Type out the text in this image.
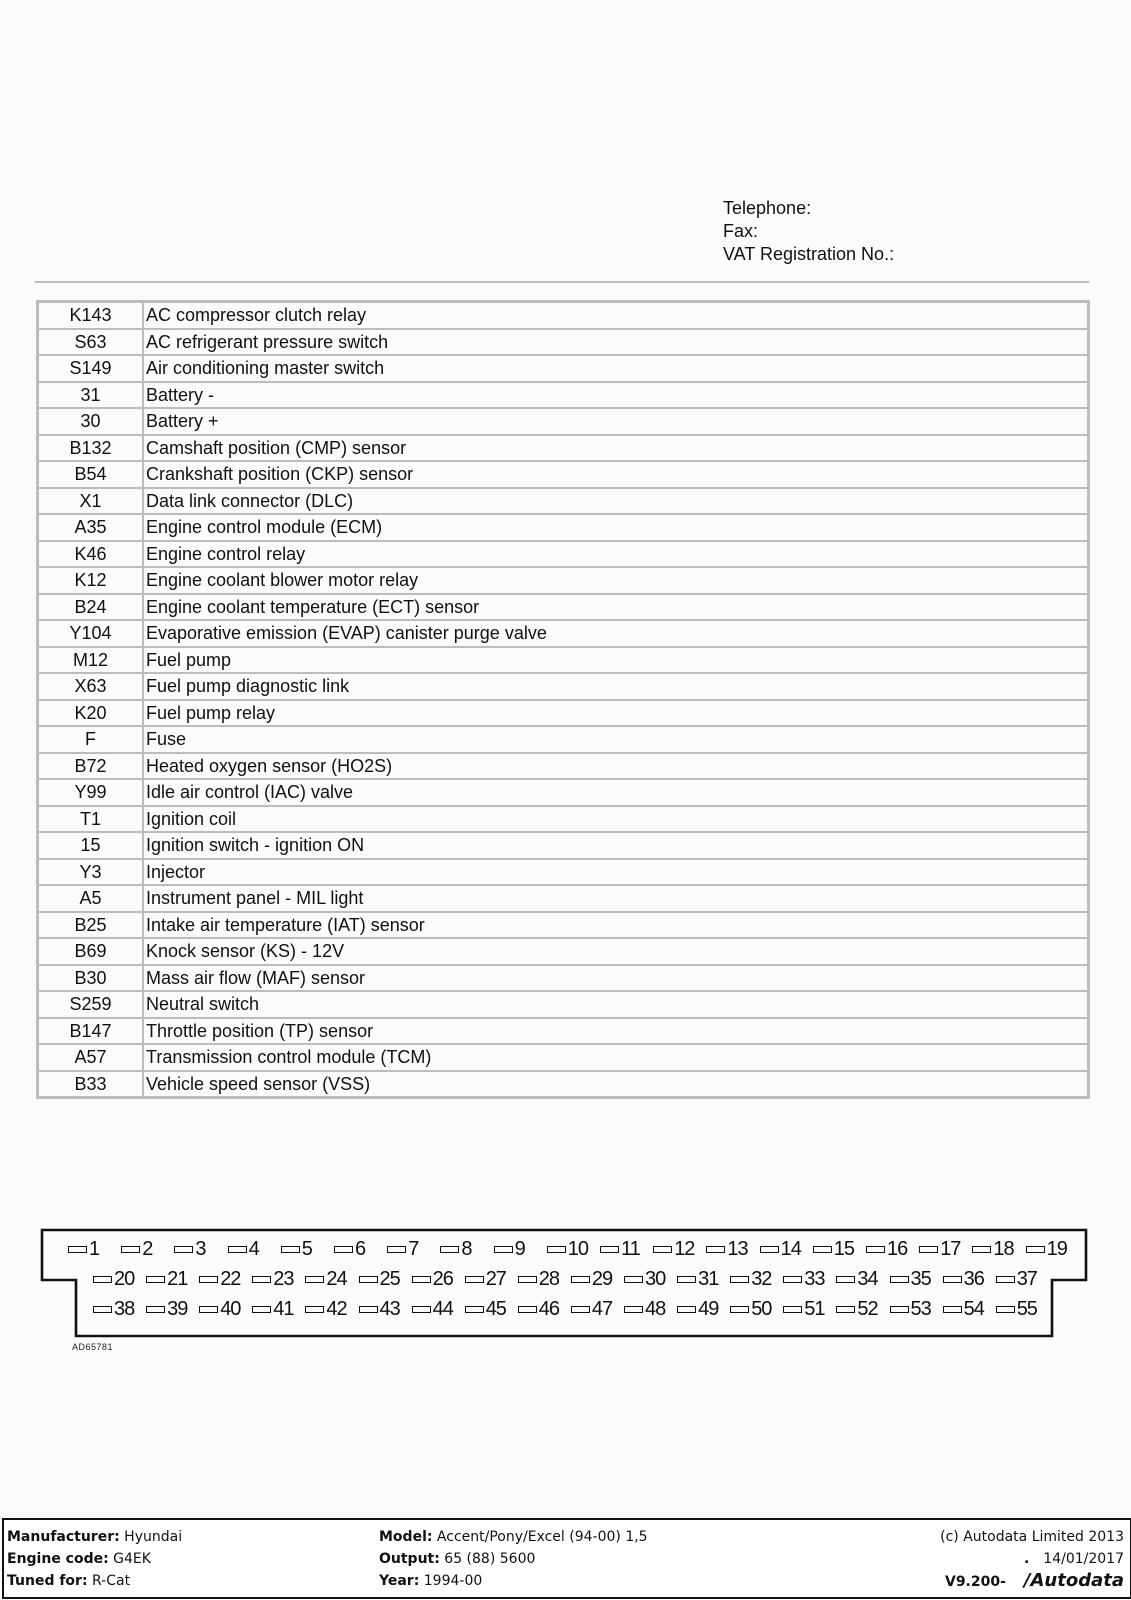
Telephone:
Fax:
VAT Registration No.:
K143	AC compressor clutch relay
S63	AC refrigerant pressure switch
S149	Air conditioning master switch
31	Battery -
30	Battery +
B132	Camshaft position (CMP) sensor
B54	Crankshaft position (CKP) sensor
X1	Data link connector (DLC)
A35	Engine control module (ECM)
K46	Engine control relay
K12	Engine coolant blower motor relay
B24	Engine coolant temperature (ECT) sensor
Y104	Evaporative emission (EVAP) canister purge valve
M12	Fuel pump
X63	Fuel pump diagnostic link
K20	Fuel pump relay
F	Fuse
B72	Heated oxygen sensor (HO2S)
Y99	Idle air control (IAC) valve
T1	Ignition coil
15	Ignition switch - ignition ON
Y3	Injector
A5	Instrument panel - MIL light
B25	Intake air temperature (IAT) sensor
B69	Knock sensor (KS) - 12V
B30	Mass air flow (MAF) sensor
S259	Neutral switch
B147	Throttle position (TP) sensor
A57	Transmission control module (TCM)
B33	Vehicle speed sensor (VSS)
1	2	3	4	5	6	7	8	9	10	11	12	13	14	15	16	17	18	19
20	21	22	23	24	25	26	27	28	29	30	31	32	33	34	35	36	37
38	39	40	41	42	43	44	45	46	47	48	49	50	51	52	53	54	55
AD65781
Manufacturer: Hyundai
Engine code: G4EK
Tuned for: R-Cat
Model: Accent/Pony/Excel (94-00) 1,5
Output: 65 (88) 5600
Year: 1994-00
(c) Autodata Limited 2013
. 14/01/2017
V9.200- /Autodata
